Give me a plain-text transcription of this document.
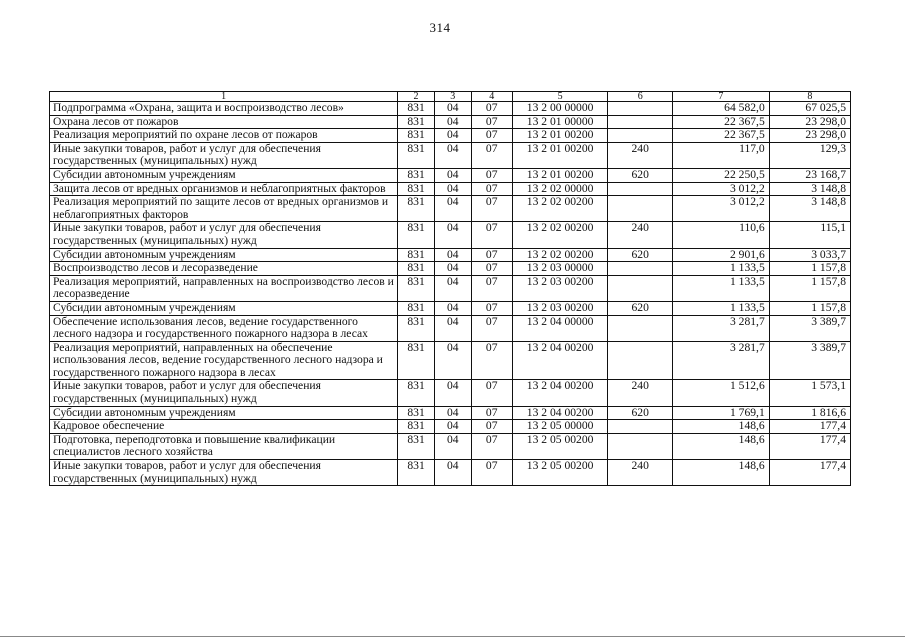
314
1	2	3	4	5	6	7	8
Подпрограмма «Охрана, защита и воспроизводство лесов»	831	04	07	13 2 00 00000		64 582,0	67 025,5
Охрана лесов от пожаров	831	04	07	13 2 01 00000		22 367,5	23 298,0
Реализация мероприятий по охране лесов от пожаров	831	04	07	13 2 01 00200		22 367,5	23 298,0
Иные закупки товаров, работ и услуг для обеспечения государственных (муниципальных) нужд	831	04	07	13 2 01 00200	240	117,0	129,3
Субсидии автономным учреждениям	831	04	07	13 2 01 00200	620	22 250,5	23 168,7
Защита лесов от вредных организмов и неблагоприятных факторов	831	04	07	13 2 02 00000		3 012,2	3 148,8
Реализация мероприятий по защите лесов от вредных организмов и неблагоприятных факторов	831	04	07	13 2 02 00200		3 012,2	3 148,8
Иные закупки товаров, работ и услуг для обеспечения государственных (муниципальных) нужд	831	04	07	13 2 02 00200	240	110,6	115,1
Субсидии автономным учреждениям	831	04	07	13 2 02 00200	620	2 901,6	3 033,7
Воспроизводство лесов и лесоразведение	831	04	07	13 2 03 00000		1 133,5	1 157,8
Реализация мероприятий, направленных на воспроизводство лесов и лесоразведение	831	04	07	13 2 03 00200		1 133,5	1 157,8
Субсидии автономным учреждениям	831	04	07	13 2 03 00200	620	1 133,5	1 157,8
Обеспечение использования лесов, ведение государственного лесного надзора и государственного пожарного надзора в лесах	831	04	07	13 2 04 00000		3 281,7	3 389,7
Реализация мероприятий, направленных на обеспечение использования лесов, ведение государственного лесного надзора и государственного пожарного надзора в лесах	831	04	07	13 2 04 00200		3 281,7	3 389,7
Иные закупки товаров, работ и услуг для обеспечения государственных (муниципальных) нужд	831	04	07	13 2 04 00200	240	1 512,6	1 573,1
Субсидии автономным учреждениям	831	04	07	13 2 04 00200	620	1 769,1	1 816,6
Кадровое обеспечение	831	04	07	13 2 05 00000		148,6	177,4
Подготовка, переподготовка и повышение квалификации специалистов лесного хозяйства	831	04	07	13 2 05 00200		148,6	177,4
Иные закупки товаров, работ и услуг для обеспечения государственных (муниципальных) нужд	831	04	07	13 2 05 00200	240	148,6	177,4
